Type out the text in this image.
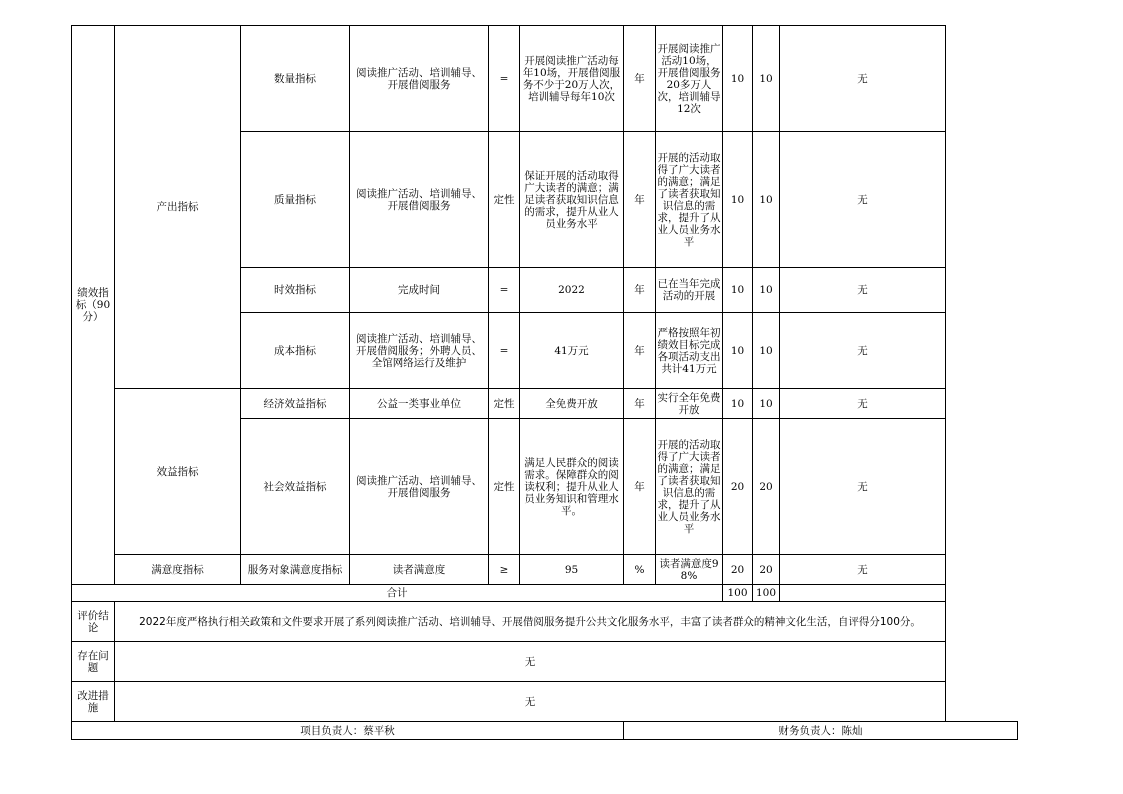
绩效指标（90分）	产出指标	数量指标	阅读推广活动、培训辅导、开展借阅服务	=	开展阅读推广活动每年10场，开展借阅服务不少于20万人次，培训辅导每年10次	年	开展阅读推广活动10场，开展借阅服务20多万人次，培训辅导12次	10	10	无	
		质量指标	阅读推广活动、培训辅导、开展借阅服务	定性	保证开展的活动取得广大读者的满意；满足读者获取知识信息的需求，提升从业人员业务水平	年	开展的活动取得了广大读者的满意；满足了读者获取知识信息的需求，提升了从业人员业务水平	10	10	无	
		时效指标	完成时间	=	2022	年	已在当年完成活动的开展	10	10	无	
		成本指标	阅读推广活动、培训辅导、开展借阅服务；外聘人员、全馆网络运行及维护	=	41万元	年	严格按照年初绩效目标完成各项活动支出共计41万元	10	10	无	
	效益指标	经济效益指标	公益一类事业单位	定性	全免费开放	年	实行全年免费开放	10	10	无	
		社会效益指标	阅读推广活动、培训辅导、开展借阅服务	定性	满足人民群众的阅读需求。保障群众的阅读权利；提升从业人员业务知识和管理水平。	年	开展的活动取得了广大读者的满意；满足了读者获取知识信息的需求，提升了从业人员业务水平	20	20	无	
	满意度指标	服务对象满意度指标	读者满意度	≥	95	%	读者满意度98%	20	20	无	
合计								100	100		
评价结论	2022年度严格执行相关政策和文件要求开展了系列阅读推广活动、培训辅导、开展借阅服务提升公共文化服务水平，丰富了读者群众的精神文化生活，自评得分100分。										
存在问题	无										
改进措施	无										
项目负责人：蔡平秋						财务负责人：陈灿					
